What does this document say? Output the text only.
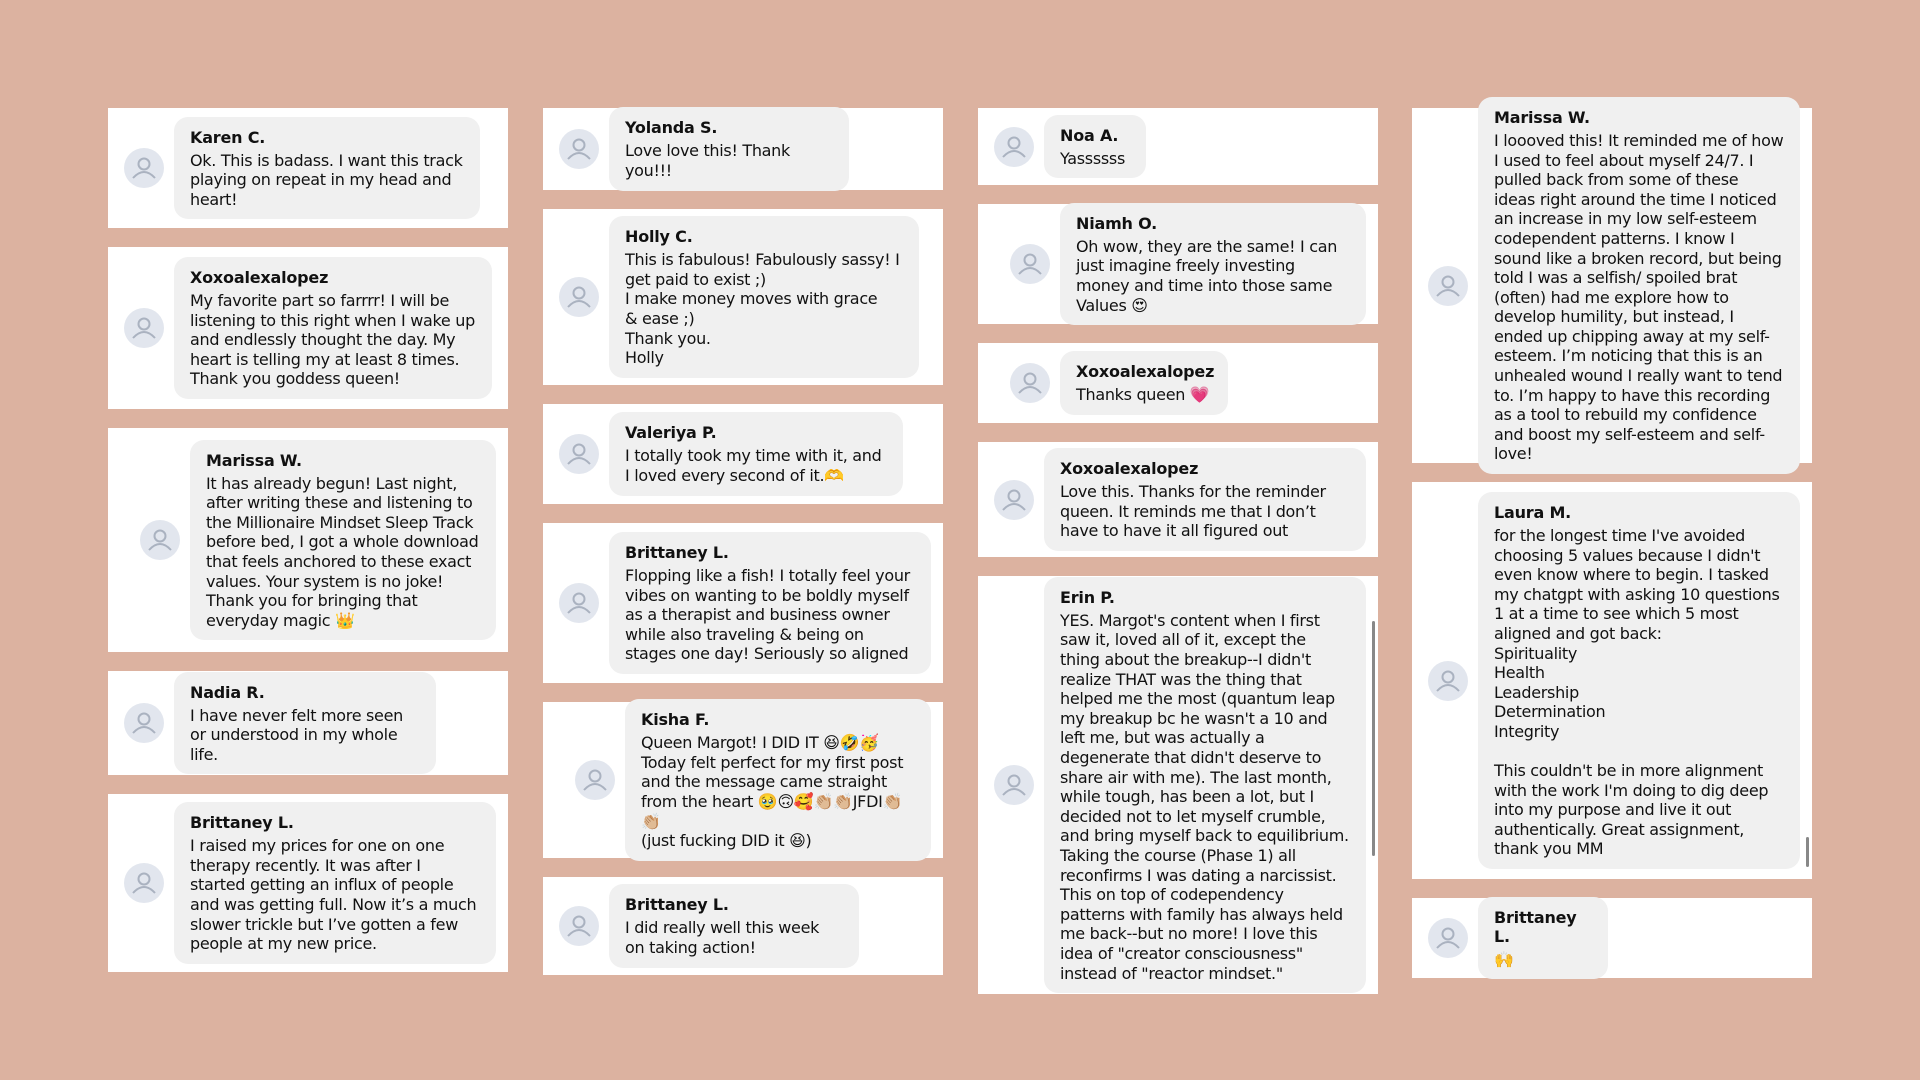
Karen C.
Ok. This is badass. I want this track playing on repeat in my head and heart!
Xoxoalexalopez
My favorite part so farrrr! I will be listening to this right when I wake up and endlessly thought the day. My heart is telling my at least 8 times. Thank you goddess queen!
Marissa W.
It has already begun! Last night, after writing these and listening to the Millionaire Mindset Sleep Track before bed, I got a whole download that feels anchored to these exact values. Your system is no joke! Thank you for bringing that everyday magic 👑
Nadia R.
I have never felt more seen or understood in my whole life.
Brittaney L.
I raised my prices for one on one therapy recently. It was after I started getting an influx of people and was getting full. Now it’s a much slower trickle but I’ve gotten a few people at my new price.
Yolanda S.
Love love this! Thank you!!!
Holly C.
This is fabulous! Fabulously sassy! I get paid to exist ;)
I make money moves with grace
& ease ;)
Thank you.
Holly
Valeriya P.
I totally took my time with it, and I loved every second of it.🫶
Brittaney L.
Flopping like a fish! I totally feel your vibes on wanting to be boldly myself as a therapist and business owner while also traveling & being on stages one day! Seriously so aligned
Kisha F.
Queen Margot! I DID IT 😆🤣🥳
Today felt perfect for my first post and the message came straight from the heart 🥹🙃🥰👏🏼👏🏼JFDI👏🏼👏🏼
(just fucking DID it 😆)
Brittaney L.
I did really well this week on taking action!
Noa A.
Yassssss
Niamh O.
Oh wow, they are the same! I can just imagine freely investing money and time into those same Values 😍
Xoxoalexalopez
Thanks queen 💗
Xoxoalexalopez
Love this. Thanks for the reminder queen. It reminds me that I don’t have to have it all figured out
Erin P.
YES. Margot's content when I first saw it, loved all of it, except the thing about the breakup--I didn't realize THAT was the thing that helped me the most (quantum leap my breakup bc he wasn't a 10 and left me, but was actually a degenerate that didn't deserve to share air with me). The last month, while tough, has been a lot, but I decided not to let myself crumble, and bring myself back to equilibrium. Taking the course (Phase 1) all reconfirms I was dating a narcissist. This on top of codependency patterns with family has always held me back--but no more! I love this idea of "creator consciousness" instead of "reactor mindset."
Marissa W.
I loooved this! It reminded me of how I used to feel about myself 24/7. I pulled back from some of these ideas right around the time I noticed an increase in my low self-esteem codependent patterns. I know I sound like a broken record, but being told I was a selfish/ spoiled brat (often) had me explore how to develop humility, but instead, I ended up chipping away at my self-esteem. I’m noticing that this is an unhealed wound I really want to tend to. I’m happy to have this recording as a tool to rebuild my confidence and boost my self-esteem and self-love!
Laura M.
for the longest time I've avoided choosing 5 values because I didn't even know where to begin. I tasked my chatgpt with asking 10 questions 1 at a time to see which 5 most aligned and got back:
Spirituality
Health
Leadership
Determination
Integrity

This couldn't be in more alignment with the work I'm doing to dig deep into my purpose and live it out authentically. Great assignment, thank you MM
Brittaney L.
🙌
